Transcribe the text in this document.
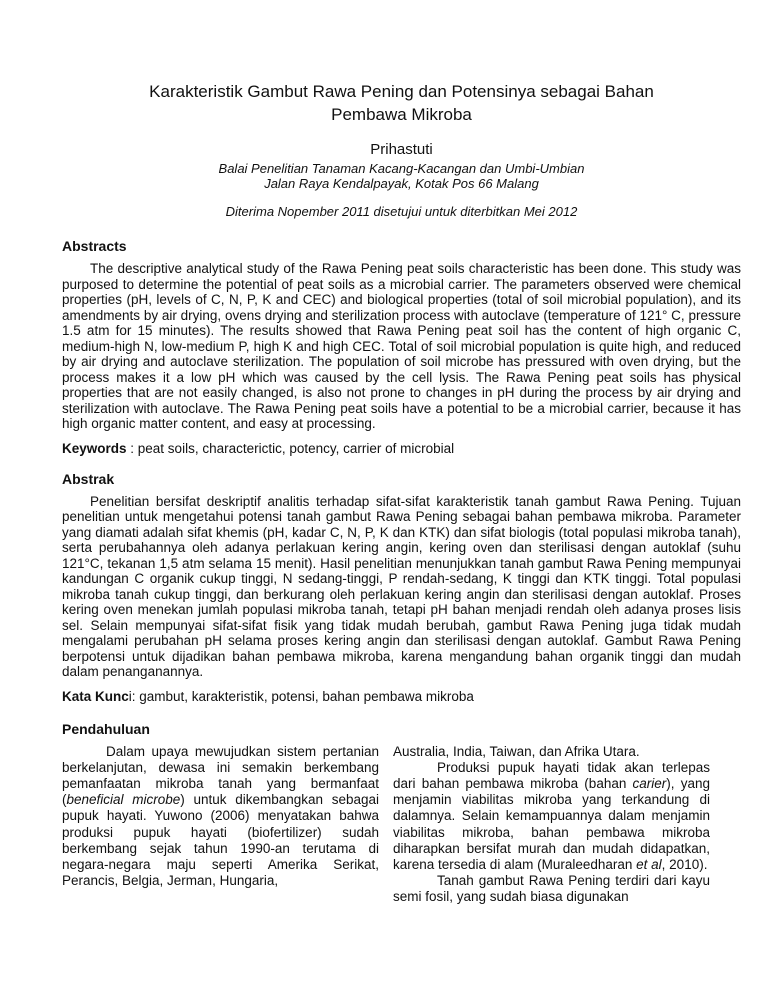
Karakteristik Gambut Rawa Pening dan Potensinya sebagai Bahan Pembawa Mikroba
Prihastuti
Balai Penelitian Tanaman Kacang-Kacangan dan Umbi-Umbian
Jalan Raya Kendalpayak, Kotak Pos 66 Malang
Diterima Nopember 2011 disetujui untuk diterbitkan Mei 2012
Abstracts

The descriptive analytical study of the Rawa Pening peat soils characteristic has been done. This study was purposed to determine the potential of peat soils as a microbial carrier. The parameters observed were chemical properties (pH, levels of C, N, P, K and CEC) and biological properties (total of soil microbial population), and its amendments by air drying, ovens drying and sterilization process with autoclave (temperature of 121° C, pressure 1.5 atm for 15 minutes). The results showed that Rawa Pening peat soil has the content of high organic C, medium-high N, low-medium P, high K and high CEC. Total of soil microbial population is quite high, and reduced by air drying and autoclave sterilization. The population of soil microbe has pressured with oven drying, but the process makes it a low pH which was caused by the cell lysis. The Rawa Pening peat soils has physical properties that are not easily changed, is also not prone to changes in pH during the process by air drying and sterilization with autoclave. The Rawa Pening peat soils have a potential to be a microbial carrier, because it has high organic matter content, and easy at processing.

Keywords : peat soils, characterictic, potency, carrier of microbial

Abstrak

Penelitian bersifat deskriptif analitis terhadap sifat-sifat karakteristik tanah gambut Rawa Pening. Tujuan penelitian untuk mengetahui potensi tanah gambut Rawa Pening sebagai bahan pembawa mikroba. Parameter yang diamati adalah sifat khemis (pH, kadar C, N, P, K dan KTK) dan sifat biologis (total populasi mikroba tanah), serta perubahannya oleh adanya perlakuan kering angin, kering oven dan sterilisasi dengan autoklaf (suhu 121°C, tekanan 1,5 atm selama 15 menit). Hasil penelitian menunjukkan tanah gambut Rawa Pening mempunyai kandungan C organik cukup tinggi, N sedang-tinggi, P rendah-sedang, K tinggi dan KTK tinggi. Total populasi mikroba tanah cukup tinggi, dan berkurang oleh perlakuan kering angin dan sterilisasi dengan autoklaf. Proses kering oven menekan jumlah populasi mikroba tanah, tetapi pH bahan menjadi rendah oleh adanya proses lisis sel. Selain mempunyai sifat-sifat fisik yang tidak mudah berubah, gambut Rawa Pening juga tidak mudah mengalami perubahan pH selama proses kering angin dan sterilisasi dengan autoklaf. Gambut Rawa Pening berpotensi untuk dijadikan bahan pembawa mikroba, karena mengandung bahan organik tinggi dan mudah dalam penanganannya.

Kata Kunci: gambut, karakteristik, potensi, bahan pembawa mikroba

Pendahuluan

Dalam upaya mewujudkan sistem pertanian berkelanjutan, dewasa ini semakin berkembang pemanfaatan mikroba tanah yang bermanfaat (beneficial microbe) untuk dikembangkan sebagai pupuk hayati. Yuwono (2006) menyatakan bahwa produksi pupuk hayati (biofertilizer) sudah berkembang sejak tahun 1990-an terutama di negara-negara maju seperti Amerika Serikat, Perancis, Belgia, Jerman, Hungaria,

Australia, India, Taiwan, dan Afrika Utara.

Produksi pupuk hayati tidak akan terlepas dari bahan pembawa mikroba (bahan carier), yang menjamin viabilitas mikroba yang terkandung di dalamnya. Selain kemampuannya dalam menjamin viabilitas mikroba, bahan pembawa mikroba diharapkan bersifat murah dan mudah didapatkan, karena tersedia di alam (Muraleedharan et al, 2010).

Tanah gambut Rawa Pening terdiri dari kayu semi fosil, yang sudah biasa digunakan
